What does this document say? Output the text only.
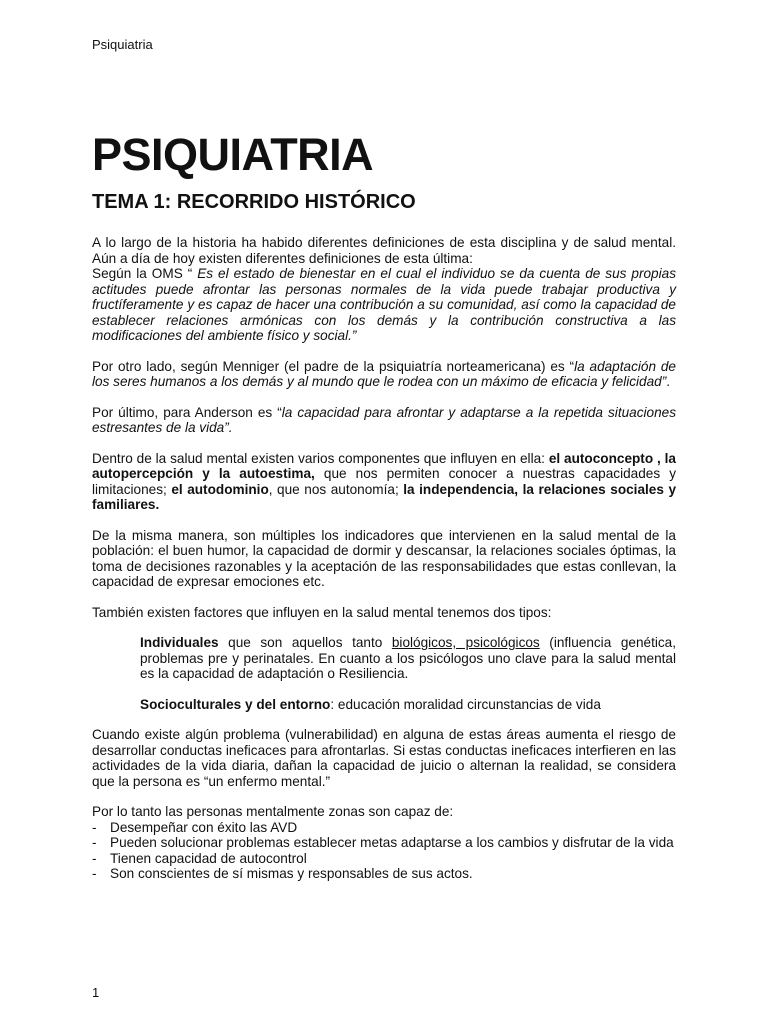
Psiquiatria
PSIQUIATRIA
TEMA 1: RECORRIDO HISTÓRICO

A lo largo de la historia ha habido diferentes definiciones de esta disciplina y de salud mental. Aún a día de hoy existen diferentes definiciones de esta última:
Según la OMS “ Es el estado de bienestar en el cual el individuo se da cuenta de sus propias actitudes puede afrontar las personas normales de la vida puede trabajar productiva y fructíferamente y es capaz de hacer una contribución a su comunidad, así como la capacidad de establecer relaciones armónicas con los demás y la contribución constructiva a las modificaciones del ambiente físico y social.”

Por otro lado, según Menniger (el padre de la psiquiatría norteamericana) es “la adaptación de los seres humanos a los demás y al mundo que le rodea con un máximo de eficacia y felicidad”.

Por último, para Anderson es “la capacidad para afrontar y adaptarse a la repetida situaciones estresantes de la vida”.

Dentro de la salud mental existen varios componentes que influyen en ella: el autoconcepto , la autopercepción y la autoestima, que nos permiten conocer a nuestras capacidades y limitaciones; el autodominio, que nos autonomía; la independencia, la relaciones sociales y familiares.

De la misma manera, son múltiples los indicadores que intervienen en la salud mental de la población: el buen humor, la capacidad de dormir y descansar, la relaciones sociales óptimas, la toma de decisiones razonables y la aceptación de las responsabilidades que estas conllevan, la capacidad de expresar emociones etc.

También existen factores que influyen en la salud mental tenemos dos tipos:

Individuales que son aquellos tanto biológicos, psicológicos (influencia genética, problemas pre y perinatales. En cuanto a los psicólogos uno clave para la salud mental es la capacidad de adaptación o Resiliencia.

Socioculturales y del entorno: educación moralidad circunstancias de vida

Cuando existe algún problema (vulnerabilidad) en alguna de estas áreas aumenta el riesgo de desarrollar conductas ineficaces para afrontarlas. Si estas conductas ineficaces interfieren en las actividades de la vida diaria, dañan la capacidad de juicio o alternan la realidad, se considera que la persona es “un enfermo mental.”

Por lo tanto las personas mentalmente zonas son capaz de:

- Desempeñar con éxito las AVD
- Pueden solucionar problemas establecer metas adaptarse a los cambios y disfrutar de la vida
- Tienen capacidad de autocontrol
- Son conscientes de sí mismas y responsables de sus actos.
1
